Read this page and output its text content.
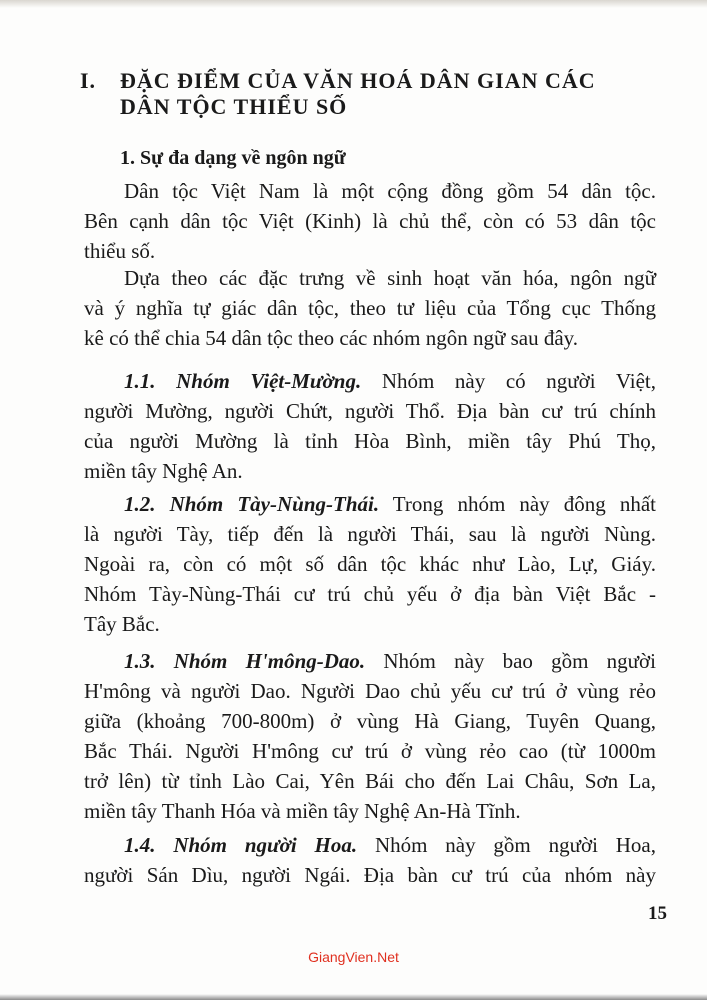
I. ĐẶC ĐIỂM CỦA VĂN HOÁ DÂN GIAN CÁC
DÂN TỘC THIỂU SỐ
1. Sự đa dạng về ngôn ngữ

Dân tộc Việt Nam là một cộng đồng gồm 54 dân tộc.
Bên cạnh dân tộc Việt (Kinh) là chủ thể, còn có 53 dân tộc
thiểu số.

Dựa theo các đặc trưng về sinh hoạt văn hóa, ngôn ngữ
và ý nghĩa tự giác dân tộc, theo tư liệu của Tổng cục Thống
kê có thể chia 54 dân tộc theo các nhóm ngôn ngữ sau đây.

1.1. Nhóm Việt-Mường. Nhóm này có người Việt,
người Mường, người Chứt, người Thổ. Địa bàn cư trú chính
của người Mường là tỉnh Hòa Bình, miền tây Phú Thọ,
miền tây Nghệ An.

1.2. Nhóm Tày-Nùng-Thái. Trong nhóm này đông nhất
là người Tày, tiếp đến là người Thái, sau là người Nùng.
Ngoài ra, còn có một số dân tộc khác như Lào, Lự, Giáy.
Nhóm Tày-Nùng-Thái cư trú chủ yếu ở địa bàn Việt Bắc -
Tây Bắc.

1.3. Nhóm H'mông-Dao. Nhóm này bao gồm người
H'mông và người Dao. Người Dao chủ yếu cư trú ở vùng rẻo
giữa (khoảng 700-800m) ở vùng Hà Giang, Tuyên Quang,
Bắc Thái. Người H'mông cư trú ở vùng rẻo cao (từ 1000m
trở lên) từ tỉnh Lào Cai, Yên Bái cho đến Lai Châu, Sơn La,
miền tây Thanh Hóa và miền tây Nghệ An-Hà Tĩnh.

1.4. Nhóm người Hoa. Nhóm này gồm người Hoa,
người Sán Dìu, người Ngái. Địa bàn cư trú của nhóm này

15
GiangVien.Net
